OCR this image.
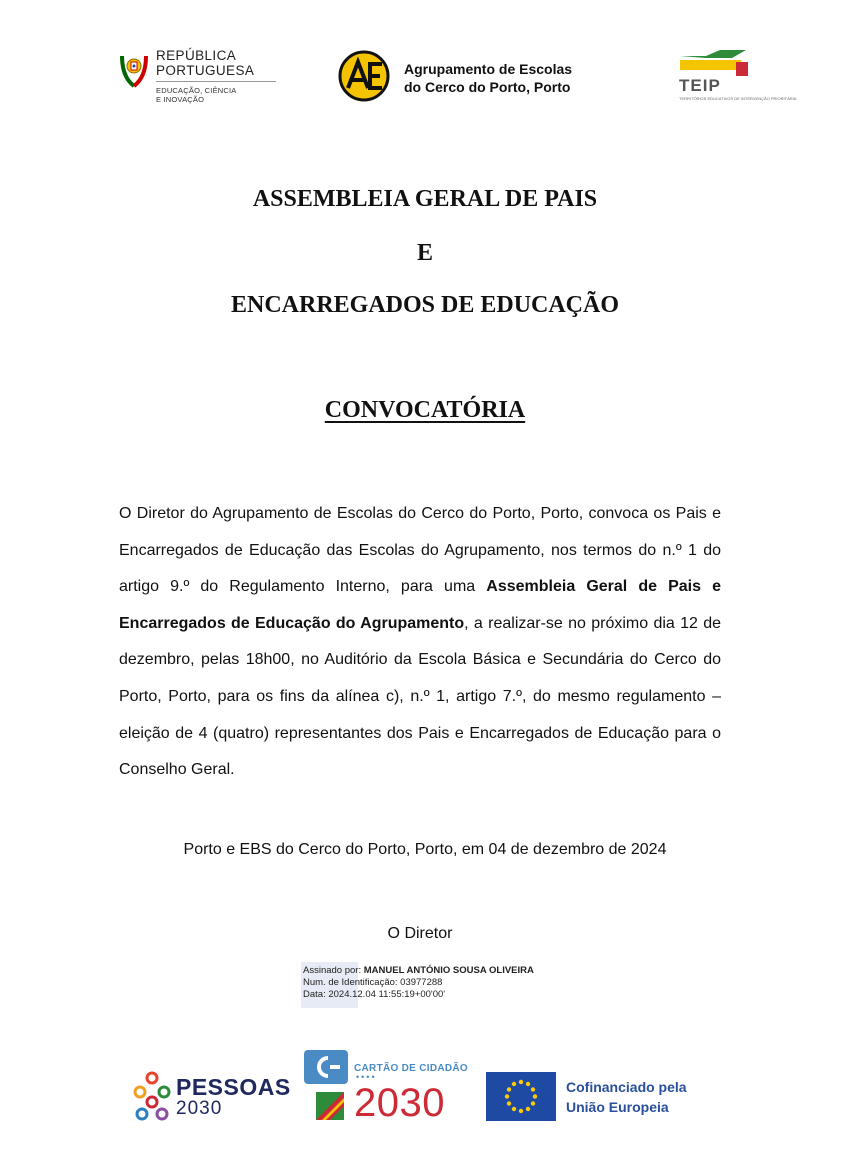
REPÚBLICA
PORTUGUESA
EDUCAÇÃO, CIÊNCIA
E INOVAÇÃO
Agrupamento de Escolas
do Cerco do Porto, Porto	TEIP
TERRITÓRIOS EDUCATIVOS DE INTERVENÇÃO PRIORITÁRIA
ASSEMBLEIA GERAL DE PAIS
E
ENCARREGADOS DE EDUCAÇÃO
CONVOCATÓRIA
O Diretor do Agrupamento de Escolas do Cerco do Porto, Porto, convoca os Pais e Encarregados de Educação das Escolas do Agrupamento, nos termos do n.º 1 do artigo 9.º do Regulamento Interno, para uma Assembleia Geral de Pais e Encarregados de Educação do Agrupamento, a realizar-se no próximo dia 12 de dezembro, pelas 18h00, no Auditório da Escola Básica e Secundária do Cerco do Porto, Porto, para os fins da alínea c), n.º 1, artigo 7.º, do mesmo regulamento – eleição de 4 (quatro) representantes dos Pais e Encarregados de Educação para o Conselho Geral.
Porto e EBS do Cerco do Porto, Porto, em 04 de dezembro de 2024
O Diretor
Assinado por: MANUEL ANTÓNIO SOUSA OLIVEIRA
Num. de Identificação: 03977288
Data: 2024.12.04 11:55:19+00'00'
PESSOAS
2030
CARTÃO DE CIDADÃO
••••
2030	Cofinanciado pela
União Europeia
